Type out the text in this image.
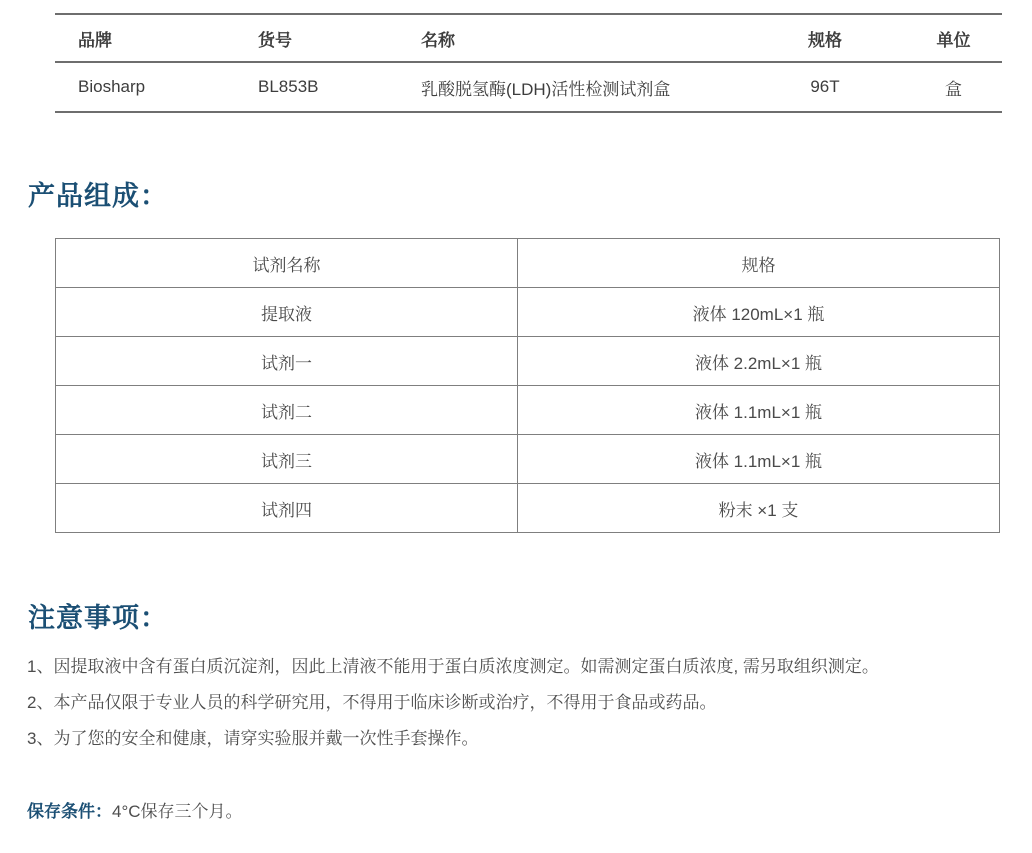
品牌	货号	名称	规格	单位
Biosharp	BL853B	乳酸脱氢酶(LDH)活性检测试剂盒	96T	盒
产品组成：
试剂名称	规格
提取液	液体 120mL×1 瓶
试剂一	液体 2.2mL×1 瓶
试剂二	液体 1.1mL×1 瓶
试剂三	液体 1.1mL×1 瓶
试剂四	粉末 ×1 支
注意事项：

1、因提取液中含有蛋白质沉淀剂，因此上清液不能用于蛋白质浓度测定。如需测定蛋白质浓度, 需另取组织测定。

2、本产品仅限于专业人员的科学研究用，不得用于临床诊断或治疗，不得用于食品或药品。

3、为了您的安全和健康，请穿实验服并戴一次性手套操作。

保存条件：4°C保存三个月。
